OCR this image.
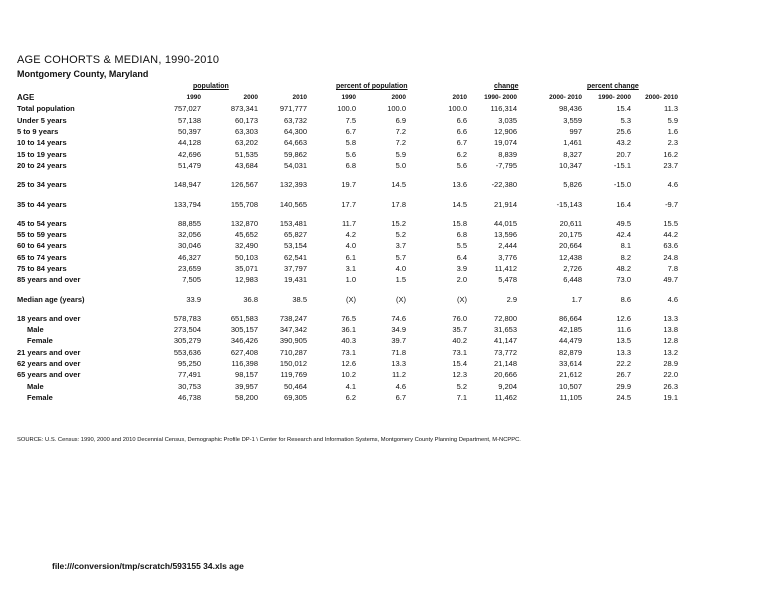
AGE COHORTS & MEDIAN, 1990-2010
Montgomery County, Maryland
population	percent of population	change	percent change
AGE	1990	2000	2010	1990	2000	2010	1990- 2000	2000- 2010	1990- 2000	2000- 2010
Total population	757,027	873,341	971,777	100.0	100.0	100.0	116,314	98,436	15.4	11.3
Under 5 years	57,138	60,173	63,732	7.5	6.9	6.6	3,035	3,559	5.3	5.9
5 to 9 years	50,397	63,303	64,300	6.7	7.2	6.6	12,906	997	25.6	1.6
10 to 14 years	44,128	63,202	64,663	5.8	7.2	6.7	19,074	1,461	43.2	2.3
15 to 19 years	42,696	51,535	59,862	5.6	5.9	6.2	8,839	8,327	20.7	16.2
20 to 24 years	51,479	43,684	54,031	6.8	5.0	5.6	-7,795	10,347	-15.1	23.7

25 to 34 years	148,947	126,567	132,393	19.7	14.5	13.6	-22,380	5,826	-15.0	4.6

35 to 44 years	133,794	155,708	140,565	17.7	17.8	14.5	21,914	-15,143	16.4	-9.7

45 to 54 years	88,855	132,870	153,481	11.7	15.2	15.8	44,015	20,611	49.5	15.5
55 to 59 years	32,056	45,652	65,827	4.2	5.2	6.8	13,596	20,175	42.4	44.2
60 to 64 years	30,046	32,490	53,154	4.0	3.7	5.5	2,444	20,664	8.1	63.6
65 to 74 years	46,327	50,103	62,541	6.1	5.7	6.4	3,776	12,438	8.2	24.8
75 to 84 years	23,659	35,071	37,797	3.1	4.0	3.9	11,412	2,726	48.2	7.8
85 years and over	7,505	12,983	19,431	1.0	1.5	2.0	5,478	6,448	73.0	49.7

Median age (years)	33.9	36.8	38.5	(X)	(X)	(X)	2.9	1.7	8.6	4.6

18 years and over	578,783	651,583	738,247	76.5	74.6	76.0	72,800	86,664	12.6	13.3
Male	273,504	305,157	347,342	36.1	34.9	35.7	31,653	42,185	11.6	13.8
Female	305,279	346,426	390,905	40.3	39.7	40.2	41,147	44,479	13.5	12.8
21 years and over	553,636	627,408	710,287	73.1	71.8	73.1	73,772	82,879	13.3	13.2
62 years and over	95,250	116,398	150,012	12.6	13.3	15.4	21,148	33,614	22.2	28.9
65 years and over	77,491	98,157	119,769	10.2	11.2	12.3	20,666	21,612	26.7	22.0
Male	30,753	39,957	50,464	4.1	4.6	5.2	9,204	10,507	29.9	26.3
Female	46,738	58,200	69,305	6.2	6.7	7.1	11,462	11,105	24.5	19.1
SOURCE: U.S. Census: 1990, 2000 and 2010 Decennial Census, Demographic Profile DP-1 \ Center for Research and Information Systems, Montgomery County Planning Department, M-NCPPC.
file:///conversion/tmp/scratch/593155 34.xls age
